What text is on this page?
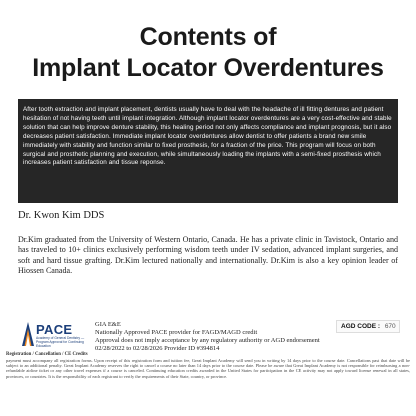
Contents of
Implant Locator Overdentures

After tooth extraction and implant placement, dentists usually have to deal with the headache of ill fitting dentures and patient hesitation of not having teeth until implant integration. Although implant locator overdentures are a very cost-effective and stable solution that can help improve denture stability, this healing period not only affects compliance and implant prognosis, but it also decreases patient satisfaction. Immediate implant locator overdentures allow dentist to offer patients a brand new smile immediately with stability and function similar to fixed prosthesis, for a fraction of the price. This program will focus on both surgical and prosthetic planning and execution, while simultaneously loading the implants with a semi-fixed prosthesis which increases patient satisfaction and tissue reponse.

Dr. Kwon Kim DDS

Dr.Kim graduated from the University of Western Ontario, Canada. He has a private clinic in Tavistock, Ontario and has traveled to 10+ clinics exclusively performing wisdom teeth under IV sedation, advanced implant surgeries, and soft and hard tissue grafting. Dr.Kim lectured nationally and internationally. Dr.Kim is also a key opinion leader of Hiossen Canada.

PACE
Academy of General Dentistry — Program Approval for Continuing Education
GIA E&E
Nationally Approved PACE provider for FAGD/MAGD credit
Approval does not imply acceptance by any regulatory authority or AGD endorsement
02/28/2022 to 02/28/2026 Provider ID #394814
AGD CODE : 670
Registration / Cancellation / CE Credits

payment must accompany all registration forms. Upon receipt of this registration form and tuition fee, Great Implant Academy will send you in writing by 14 days prior to the course date. Cancellations past that date will be subject to an additional penalty. Great Implant Academy reserves the right to cancel a course no later than 14 days prior to the course date. Please be aware that Great Implant Academy is not responsible for reimbursing a non-refundable airline ticket or any other travel expenses if a course is canceled. Continuing education credits awarded in the United States for participation in the CE activity may not apply toward license renewal in all states, provinces, or countries. It is the responsibility of each registrant to verify the requirements of their State, country, or province.
